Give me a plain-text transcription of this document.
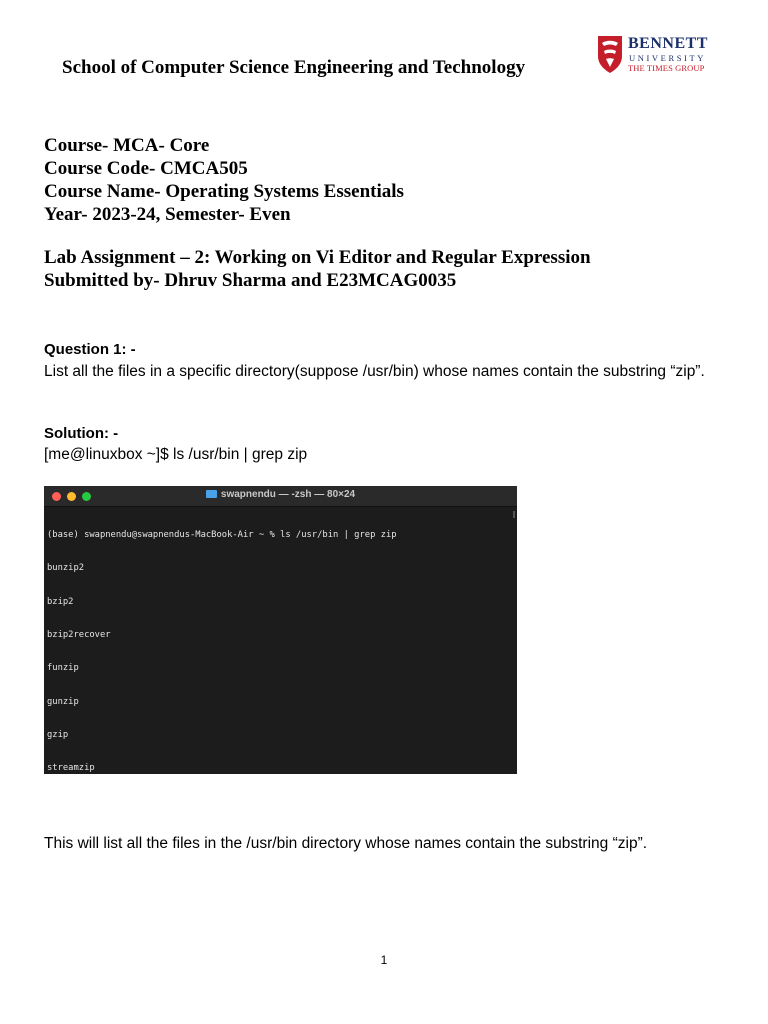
School of Computer Science Engineering and Technology
BENNETT
UNIVERSITY
THE TIMES GROUP
Course- MCA- Core
Course Code- CMCA505
Course Name- Operating Systems Essentials
Year- 2023-24, Semester- Even
Lab Assignment – 2: Working on Vi Editor and Regular Expression
Submitted by- Dhruv Sharma and E23MCAG0035
Question 1: -
List all the files in a specific directory(suppose /usr/bin) whose names contain the substring “zip”.
Solution: -
[me@linuxbox ~]$ ls /usr/bin | grep zip
swapnendu — -zsh — 80×24

(base) swapnendu@swapnendus-MacBook-Air ~ % ls /usr/bin | grep zip

bunzip2

bzip2

bzip2recover

funzip

gunzip

gzip

streamzip

This will list all the files in the /usr/bin directory whose names contain the substring “zip”.
1
